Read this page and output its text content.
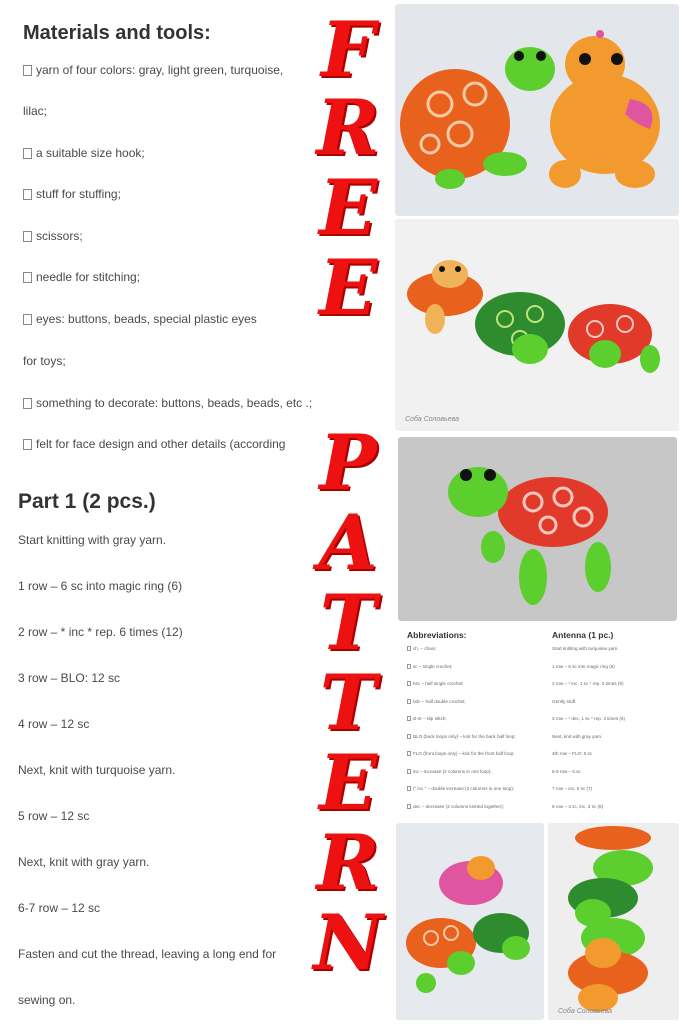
Materials and tools:
yarn of four colors: gray, light green, turquoise,
lilac;
a suitable size hook;
stuff for stuffing;
scissors;
needle for stitching;
eyes: buttons, beads, special plastic eyes
for toys;
something to decorate: buttons, beads, beads, etc .;
felt for face design and other details (according
Part 1 (2 pcs.)
Start knitting with gray yarn.
1 row – 6 sc into magic ring (6)
2 row – * inc * rep. 6 times (12)
3 row – BLO: 12 sc
4 row – 12 sc
Next, knit with turquoise yarn.
5 row – 12 sc
Next, knit with gray yarn.
6-7 row – 12 sc
Fasten and cut the thread, leaving a long end for
sewing on.
F
R
E
E
P
A
T
T
E
R
N
Соба Соловьева
Abbreviations:
ch. – chain;
sc – single crochet;
hsc – half single crochet;
hdc – half double crochet;
sl-st – slip stitch;
BLO (back loops only) – knit for the back half loop;
FLO (front loops only) – knit for the front half loop;
inc – increase (2 columns in one loop);
(" inc " – double increase (3 columns in one loop);
dec – decrease (2 columns knitted together);
Antenna (1 pc.)
Start knitting with turquoise yarn.
1 row – 6 sc into magic ring (6)
2 row – * inc, 1 sc * rep. 3 times (9)
Gently stuff.
3 row – * dec, 1 sc * rep. 3 times (6)
Next, knit with gray yarn.
4th row – FLO: 6 sc
5-6 row – 6 sc
7 row – inc, 5 sc (7)
8 row – 3 sc, inc, 3 sc (8)
Соба Соловьева
